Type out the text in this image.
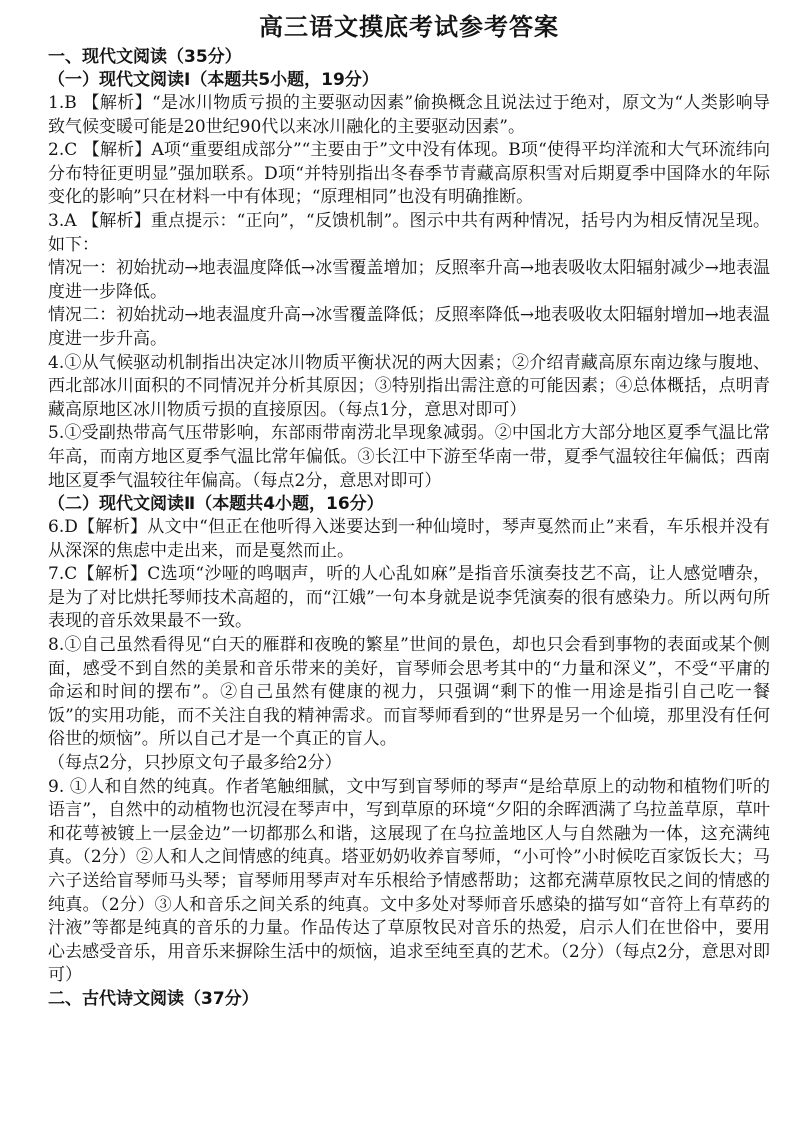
高三语文摸底考试参考答案
一、现代文阅读（35分）
（一）现代文阅读Ⅰ（本题共5小题，19分）

1.B 【解析】“是冰川物质亏损的主要驱动因素”偷换概念且说法过于绝对，原文为“人类影响导致气候变暖可能是20世纪90代以来冰川融化的主要驱动因素”。

2.C 【解析】A项“重要组成部分”“主要由于”文中没有体现。B项“使得平均洋流和大气环流纬向分布特征更明显”强加联系。D项“并特别指出冬春季节青藏高原积雪对后期夏季中国降水的年际变化的影响”只在材料一中有体现；“原理相同”也没有明确推断。

3.A 【解析】重点提示：“正向”，“反馈机制”。图示中共有两种情况，括号内为相反情况呈现。如下：

情况一：初始扰动→地表温度降低→冰雪覆盖增加；反照率升高→地表吸收太阳辐射减少→地表温度进一步降低。

情况二：初始扰动→地表温度升高→冰雪覆盖降低；反照率降低→地表吸收太阳辐射增加→地表温度进一步升高。

4.①从气候驱动机制指出决定冰川物质平衡状况的两大因素；②介绍青藏高原东南边缘与腹地、西北部冰川面积的不同情况并分析其原因；③特别指出需注意的可能因素；④总体概括，点明青藏高原地区冰川物质亏损的直接原因。（每点1分，意思对即可）

5.①受副热带高气压带影响，东部雨带南涝北旱现象减弱。②中国北方大部分地区夏季气温比常年高，而南方地区夏季气温比常年偏低。③长江中下游至华南一带，夏季气温较往年偏低；西南地区夏季气温较往年偏高。（每点2分，意思对即可）

（二）现代文阅读Ⅱ（本题共4小题，16分）

6.D【解析】从文中“但正在他听得入迷要达到一种仙境时，琴声戛然而止”来看，车乐根并没有从深深的焦虑中走出来，而是戛然而止。

7.C【解析】C选项“沙哑的鸣咽声，听的人心乱如麻”是指音乐演奏技艺不高，让人感觉嘈杂，是为了对比烘托琴师技术高超的，而“江娥”一句本身就是说李凭演奏的很有感染力。所以两句所表现的音乐效果最不一致。

8.①自己虽然看得见“白天的雁群和夜晚的繁星”世间的景色，却也只会看到事物的表面或某个侧面，感受不到自然的美景和音乐带来的美好，盲琴师会思考其中的“力量和深义”，不受“平庸的命运和时间的摆布”。②自己虽然有健康的视力，只强调“剩下的惟一用途是指引自己吃一餐饭”的实用功能，而不关注自我的精神需求。而盲琴师看到的“世界是另一个仙境，那里没有任何俗世的烦恼”。所以自己才是一个真正的盲人。

（每点2分，只抄原文句子最多给2分）

9. ①人和自然的纯真。作者笔触细腻，文中写到盲琴师的琴声“是给草原上的动物和植物们听的语言”，自然中的动植物也沉浸在琴声中，写到草原的环境“夕阳的余晖洒满了乌拉盖草原，草叶和花萼被镀上一层金边”一切都那么和谐，这展现了在乌拉盖地区人与自然融为一体，这充满纯真。（2分）②人和人之间情感的纯真。塔亚奶奶收养盲琴师，“小可怜”小时候吃百家饭长大；马六子送给盲琴师马头琴；盲琴师用琴声对车乐根给予情感帮助；这都充满草原牧民之间的情感的纯真。（2分）③人和音乐之间关系的纯真。文中多处对琴师音乐感染的描写如“音符上有草药的汁液”等都是纯真的音乐的力量。作品传达了草原牧民对音乐的热爱，启示人们在世俗中，要用心去感受音乐，用音乐来摒除生活中的烦恼，追求至纯至真的艺术。（2分）（每点2分，意思对即可）

二、古代诗文阅读（37分）
